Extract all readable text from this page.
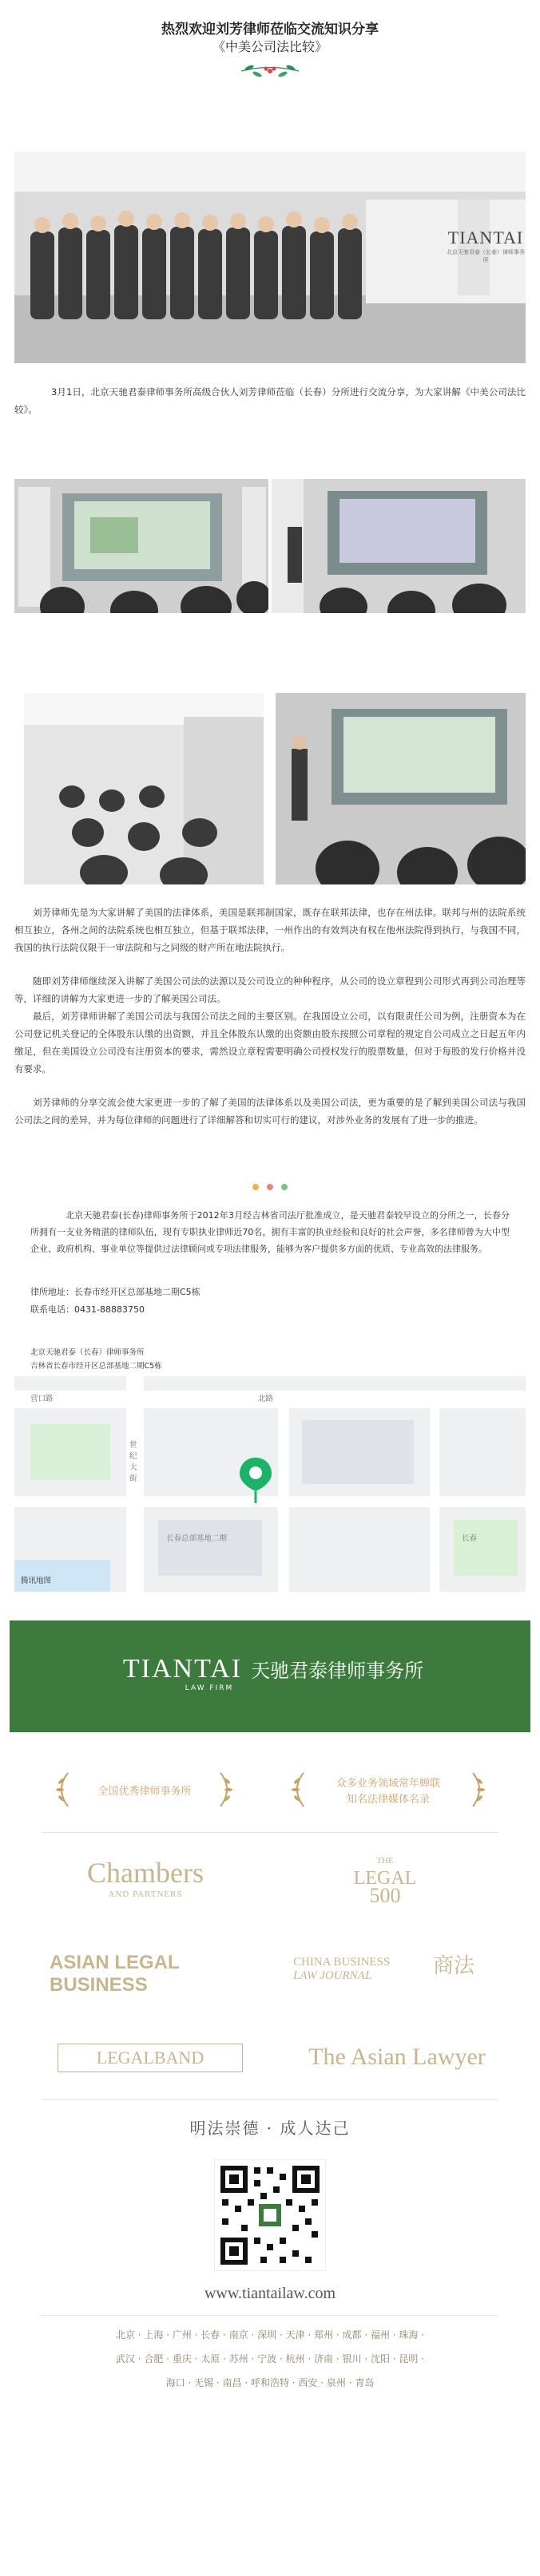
热烈欢迎刘芳律师莅临交流知识分享
《中美公司法比较》
TIANTAI
北京天驰君泰（长春）律师事务所
3月1日，北京天驰君泰律师事务所高级合伙人刘芳律师莅临（长春）分所进行交流分享，为大家讲解《中美公司法比较》。
刘芳律师先是为大家讲解了美国的法律体系，美国是联邦制国家，既存在联邦法律，也存在州法律。联邦与州的法院系统相互独立，各州之间的法院系统也相互独立，但基于联邦法律，一州作出的有效判决有权在他州法院得到执行，与我国不同，我国的执行法院仅限于一审法院和与之同级的财产所在地法院执行。
随即刘芳律师继续深入讲解了美国公司法的法源以及公司设立的种种程序，从公司的设立章程到公司形式再到公司治理等等，详细的讲解为大家更进一步的了解美国公司法。
最后，刘芳律师讲解了美国公司法与我国公司法之间的主要区别。在我国设立公司，以有限责任公司为例，注册资本为在公司登记机关登记的全体股东认缴的出资额，并且全体股东认缴的出资额由股东按照公司章程的规定自公司成立之日起五年内缴足，但在美国设立公司没有注册资本的要求，需然设立章程需要明确公司授权发行的股票数量，但对于每股的发行价格并没有要求。
刘芳律师的分享交流会使大家更进一步的了解了美国的法律体系以及美国公司法，更为重要的是了解到美国公司法与我国公司法之间的差异，并为每位律师的问题进行了详细解答和切实可行的建议，对涉外业务的发展有了进一步的推进。

北京天驰君泰(长春)律师事务所于2012年3月经吉林省司法厅批准成立，是天驰君泰较早设立的分所之一，长春分所拥有一支业务精湛的律师队伍，现有专职执业律师近70名，拥有丰富的执业经验和良好的社会声誉，多名律师曾为大中型企业、政府机构、事业单位等提供过法律顾问或专项法律服务，能够为客户提供多方面的优质、专业高效的法律服务。
律所地址：长春市经开区总部基地二期C5栋
联系电话：0431-88883750
北京天驰君泰（长春）律师事务所
吉林省长春市经开区总部基地二期C5栋
营口路	北路
世纪大街
长春总部基地二期	长春
腾讯地图
TIANTAI 天驰君泰律师事务所
LAW FIRM
全国优秀律师事务所
众多业务领域常年蝉联
知名法律媒体名录
Chambers
AND PARTNERS
THE
LEGAL
500
ASIAN LEGAL
BUSINESS
CHINA BUSINESS
LAW JOURNAL	商法
LEGALBAND	The Asian Lawyer
明法崇德 · 成人达己
www.tiantailaw.com
北京 · 上海 · 广州 · 长春 · 南京 · 深圳 · 天津 · 郑州 · 成都 · 福州 · 珠海 ·
武汉 · 合肥 · 重庆 · 太原 · 苏州 · 宁波 · 杭州 · 济南 · 银川 · 沈阳 · 昆明 ·
海口 · 无锡 · 南昌 · 呼和浩特 · 西安 · 泉州 · 青岛
